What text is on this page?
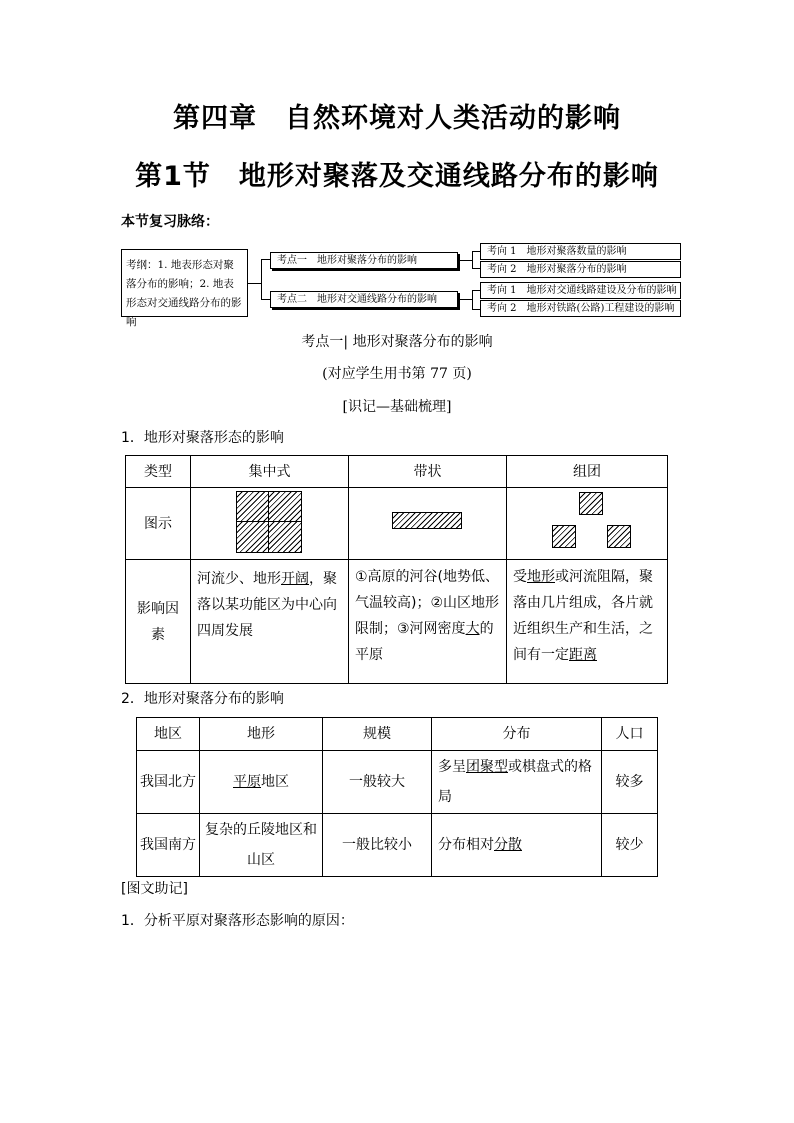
第四章　自然环境对人类活动的影响
第1节　地形对聚落及交通线路分布的影响
本节复习脉络：
考纲：1. 地表形态对聚落分布的影响；2. 地表形态对交通线路分布的影响
考点一　地形对聚落分布的影响
考点二　地形对交通线路分布的影响
考向 1　地形对聚落数量的影响
考向 2　地形对聚落分布的影响
考向 1　地形对交通线路建设及分布的影响
考向 2　地形对铁路(公路)工程建设的影响
考点一| 地形对聚落分布的影响
(对应学生用书第 77 页)
[识记—基础梳理]
1．地形对聚落形态的影响
类型	集中式	带状	组团
图示	

影响因素	河流少、地形开阔，聚落以某功能区为中心向四周发展	①高原的河谷(地势低、气温较高)；②山区地形限制；③河网密度大的平原	受地形或河流阻隔，聚落由几片组成，各片就近组织生产和生活，之间有一定距离
2．地形对聚落分布的影响
地区	地形	规模	分布	人口
我国北方	平原地区	一般较大	多呈团聚型或棋盘式的格局	较多
我国南方	复杂的丘陵地区和山区	一般比较小	分布相对分散	较少
[图文助记]
1．分析平原对聚落形态影响的原因：
